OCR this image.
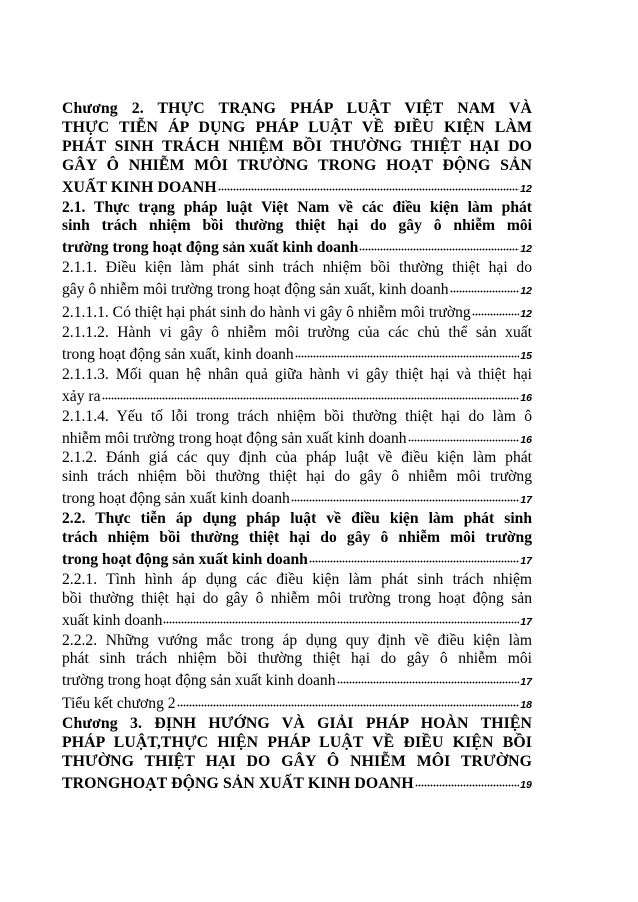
Chương 2. THỰC TRẠNG PHÁP LUẬT VIỆT NAM VÀ
THỰC TIỄN ÁP DỤNG PHÁP LUẬT VỀ ĐIỀU KIỆN LÀM
PHÁT SINH TRÁCH NHIỆM BỒI THƯỜNG THIỆT HẠI DO
GÂY Ô NHIỄM MÔI TRƯỜNG TRONG HOẠT ĐỘNG SẢN
XUẤT KINH DOANH	12
2.1. Thực trạng pháp luật Việt Nam về các điều kiện làm phát
sinh trách nhiệm bồi thường thiệt hại do gây ô nhiễm môi
trường trong hoạt động sản xuất kinh doanh	12
2.1.1. Điều kiện làm phát sinh trách nhiệm bồi thường thiệt hại do
gây ô nhiễm môi trường trong hoạt động sản xuất, kinh doanh	12
2.1.1.1. Có thiệt hại phát sinh do hành vi gây ô nhiễm môi trường	12
2.1.1.2. Hành vi gây ô nhiễm môi trường của các chủ thể sản xuất
trong hoạt động sản xuất, kinh doanh	15
2.1.1.3. Mối quan hệ nhân quả giữa hành vi gây thiệt hại và thiệt hại
xảy ra	16
2.1.1.4. Yếu tố lỗi trong trách nhiệm bồi thường thiệt hại do làm ô
nhiễm môi trường trong hoạt động sản xuất kinh doanh	16
2.1.2. Đánh giá các quy định của pháp luật về điều kiện làm phát
sinh trách nhiệm bồi thường thiệt hại do gây ô nhiễm môi trường
trong hoạt động sản xuất kinh doanh	17
2.2. Thực tiễn áp dụng pháp luật về điều kiện làm phát sinh
trách nhiệm bồi thường thiệt hại do gây ô nhiễm môi trường
trong hoạt động sản xuất kinh doanh	17
2.2.1. Tình hình áp dụng các điều kiện làm phát sinh trách nhiệm
bồi thường thiệt hại do gây ô nhiễm môi trường trong hoạt động sản
xuất kinh doanh	17
2.2.2. Những vướng mắc trong áp dụng quy định về điều kiện làm
phát sinh trách nhiệm bồi thường thiệt hại do gây ô nhiễm môi
trường trong hoạt động sản xuất kinh doanh	17
Tiểu kết chương 2	18
Chương 3. ĐỊNH HƯỚNG VÀ GIẢI PHÁP HOÀN THIỆN
PHÁP LUẬT,THỰC HIỆN PHÁP LUẬT VỀ ĐIỀU KIỆN BỒI
THƯỜNG THIỆT HẠI DO GÂY Ô NHIỄM MÔI TRƯỜNG
TRONGHOẠT ĐỘNG SẢN XUẤT KINH DOANH	19
